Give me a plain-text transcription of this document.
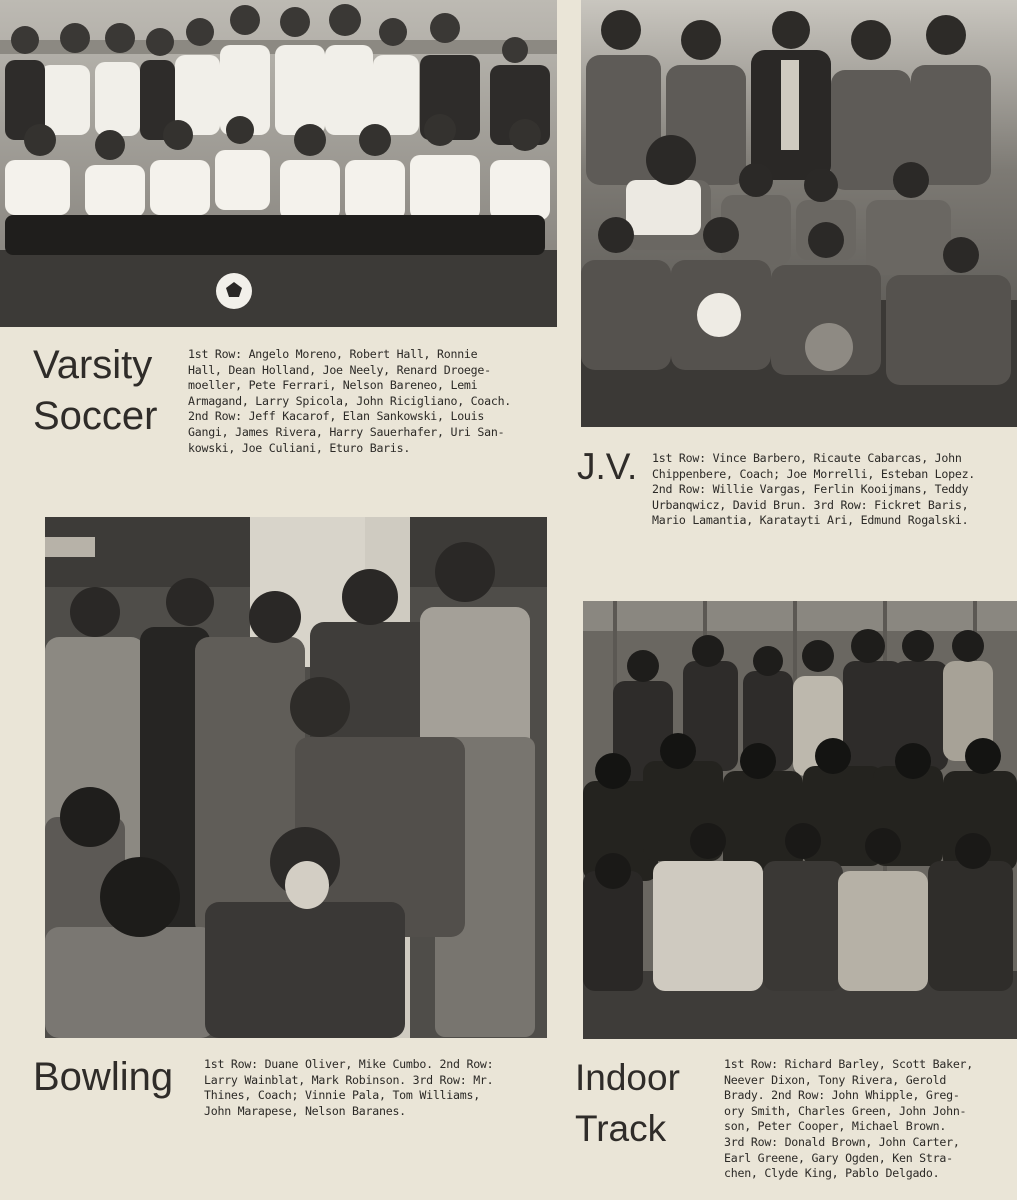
Varsity
Soccer
J.V.
Bowling	Indoor
Track
1st Row: Angelo Moreno, Robert Hall, Ronnie
Hall, Dean Holland, Joe Neely, Renard Droege-
moeller, Pete Ferrari, Nelson Bareneo, Lemi
Armagand, Larry Spicola, John Ricigliano, Coach.
2nd Row: Jeff Kacarof, Elan Sankowski, Louis
Gangi, James Rivera, Harry Sauerhafer, Uri San-
kowski, Joe Culiani, Eturo Baris.
1st Row: Vince Barbero, Ricaute Cabarcas, John
Chippenbere, Coach; Joe Morrelli, Esteban Lopez.
2nd Row: Willie Vargas, Ferlin Kooijmans, Teddy
Urbanqwicz, David Brun. 3rd Row: Fickret Baris,
Mario Lamantia, Karatayti Ari, Edmund Rogalski.
1st Row: Duane Oliver, Mike Cumbo. 2nd Row:
Larry Wainblat, Mark Robinson. 3rd Row: Mr.
Thines, Coach; Vinnie Pala, Tom Williams,
John Marapese, Nelson Baranes.
1st Row: Richard Barley, Scott Baker,
Neever Dixon, Tony Rivera, Gerold
Brady. 2nd Row: John Whipple, Greg-
ory Smith, Charles Green, John John-
son, Peter Cooper, Michael Brown.
3rd Row: Donald Brown, John Carter,
Earl Greene, Gary Ogden, Ken Stra-
chen, Clyde King, Pablo Delgado.
